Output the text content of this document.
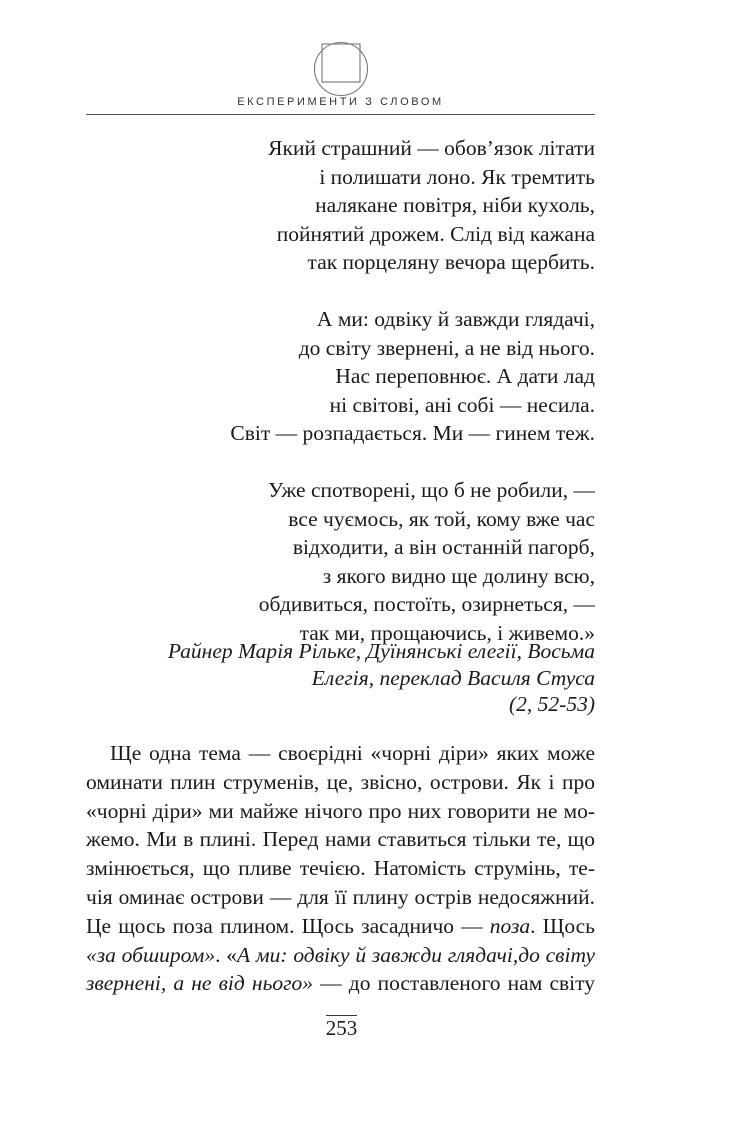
ЕКСПЕРИМЕНТИ З СЛОВОМ
Який страшний — обов’язок літати
і полишати лоно. Як тремтить
налякане повітря, ніби кухоль,
пойнятий дрожем. Слід від кажана
так порцеляну вечора щербить.
А ми: одвіку й завжди глядачі,
до світу звернені, а не від нього.
Нас переповнює. А дати лад
ні світові, ані собі — несила.
Світ — розпадається. Ми — гинем теж.
Уже спотворені, що б не робили, —
все чуємось, як той, кому вже час
відходити, а він останній пагорб,
з якого видно ще долину всю,
обдивиться, постоїть, озирнеться, —
так ми, прощаючись, і живемо.»
Райнер Марія Рільке, Дуїнянські елегії, Восьма
Елегія, переклад Василя Стуса
(2, 52-53)
Ще одна тема — своєрідні «чорні діри» яких може
оминати плин струменів, це, звісно, острови. Як і про
«чорні діри» ми майже нічого про них говорити не мо-
жемо. Ми в плині. Перед нами ставиться тільки те, що
змінюється, що пливе течією. Натомість струмінь, те-
чія оминає острови — для її плину острів недосяжний.
Це щось поза плином. Щось засадничо — поза. Щось
«за обширом». «А ми: одвіку й завжди глядачі,до світу
звернені, а не від нього» — до поставленого нам світу
253
